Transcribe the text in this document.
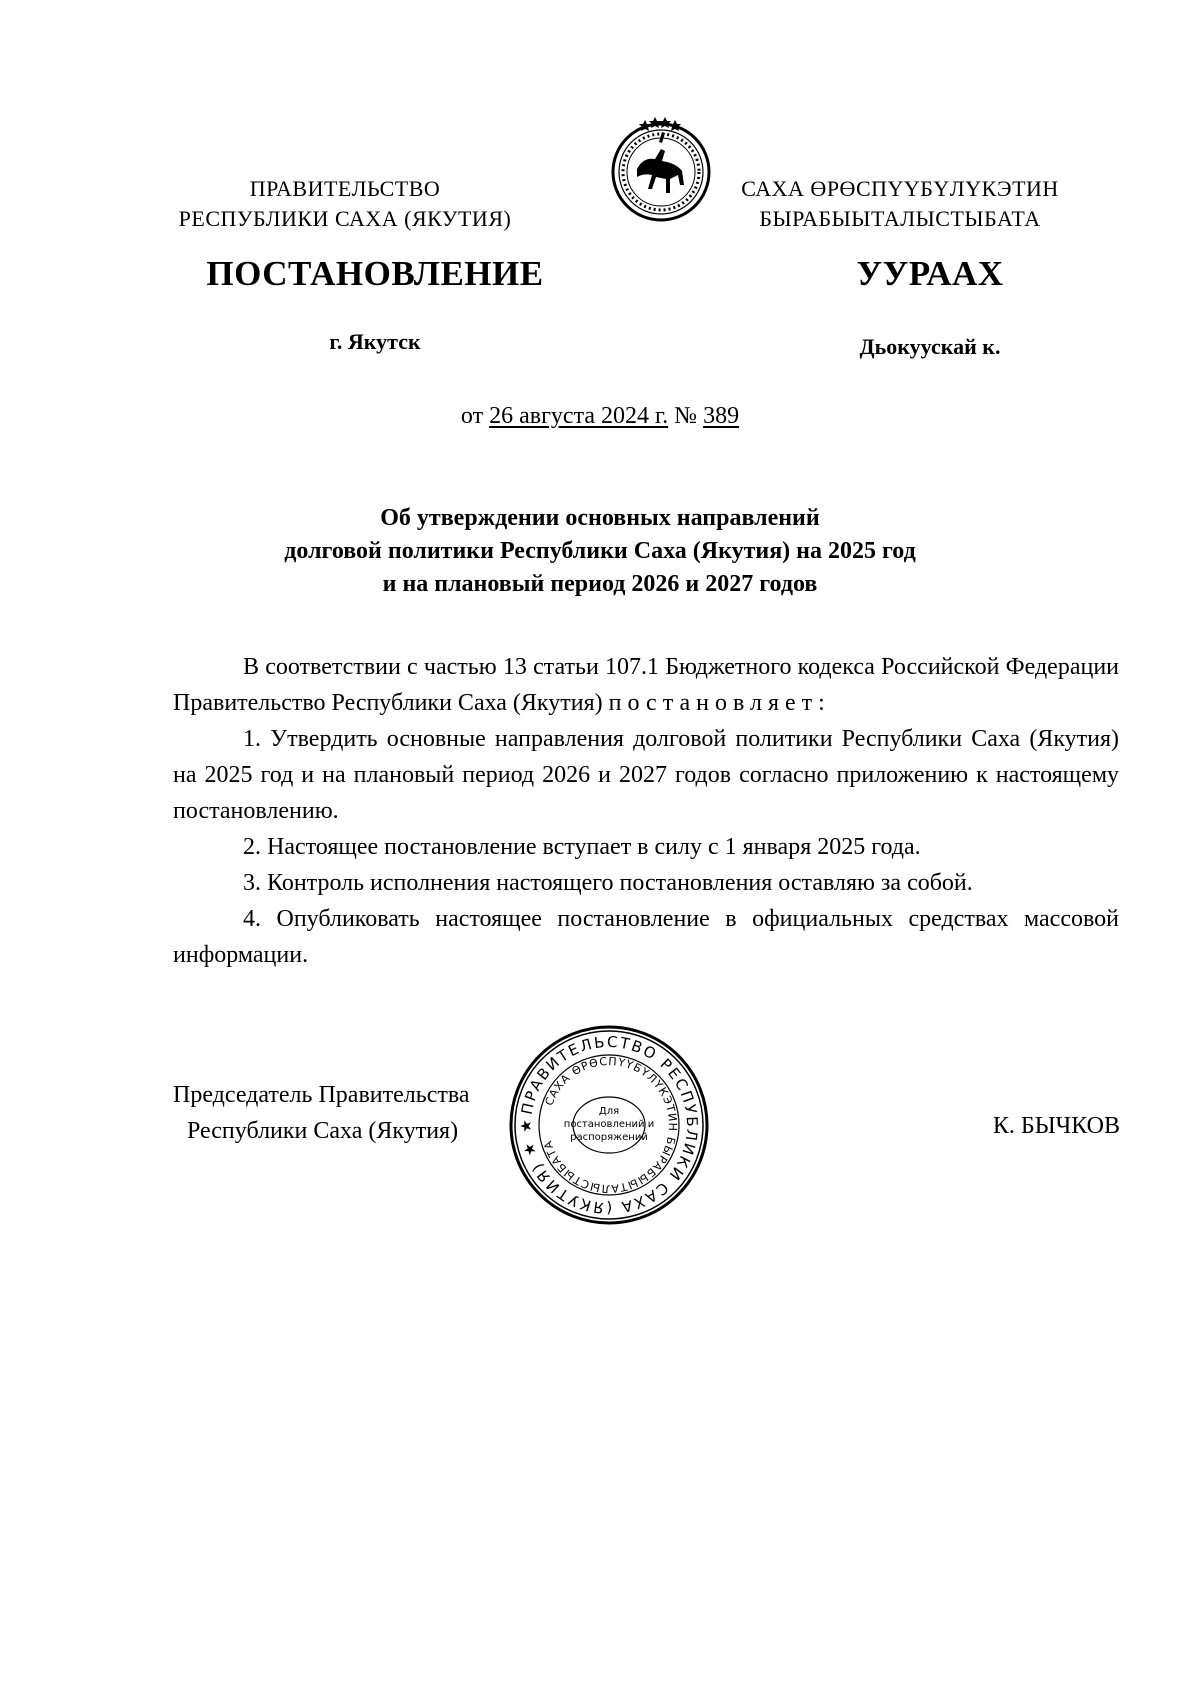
ПРАВИТЕЛЬСТВО
РЕСПУБЛИКИ САХА (ЯКУТИЯ)
САХА ӨРӨСПҮҮБҮЛҮКЭТИН
БЫРАБЫЫТАЛЫСТЫБАТА
ПОСТАНОВЛЕНИЕ	УУРААХ
г. Якутск	Дьокуускай к.
от 26 августа 2024 г. № 389
Об утверждении основных направлений
долговой политики Республики Саха (Якутия) на 2025 год
и на плановый период 2026 и 2027 годов

В соответствии с частью 13 статьи 107.1 Бюджетного кодекса Российской Федерации Правительство Республики Саха (Якутия) постановляет:

1. Утвердить основные направления долговой политики Республики Саха (Якутия) на 2025 год и на плановый период 2026 и 2027 годов согласно приложению к настоящему постановлению.

2. Настоящее постановление вступает в силу с 1 января 2025 года.

3. Контроль исполнения настоящего постановления оставляю за собой.

4. Опубликовать настоящее постановление в официальных средствах массовой информации.

Председатель Правительства
Республики Саха (Якутия)	К. БЫЧКОВ
ПРАВИТЕЛЬСТВО РЕСПУБЛИКИ САХА (ЯКУТИЯ) ★ ★
САХА ӨРӨСПҮҮБҮЛҮКЭТИН БЫРАБЫЫТАЛЫСТЫБАТА
Для
постановлений и
распоряжений
